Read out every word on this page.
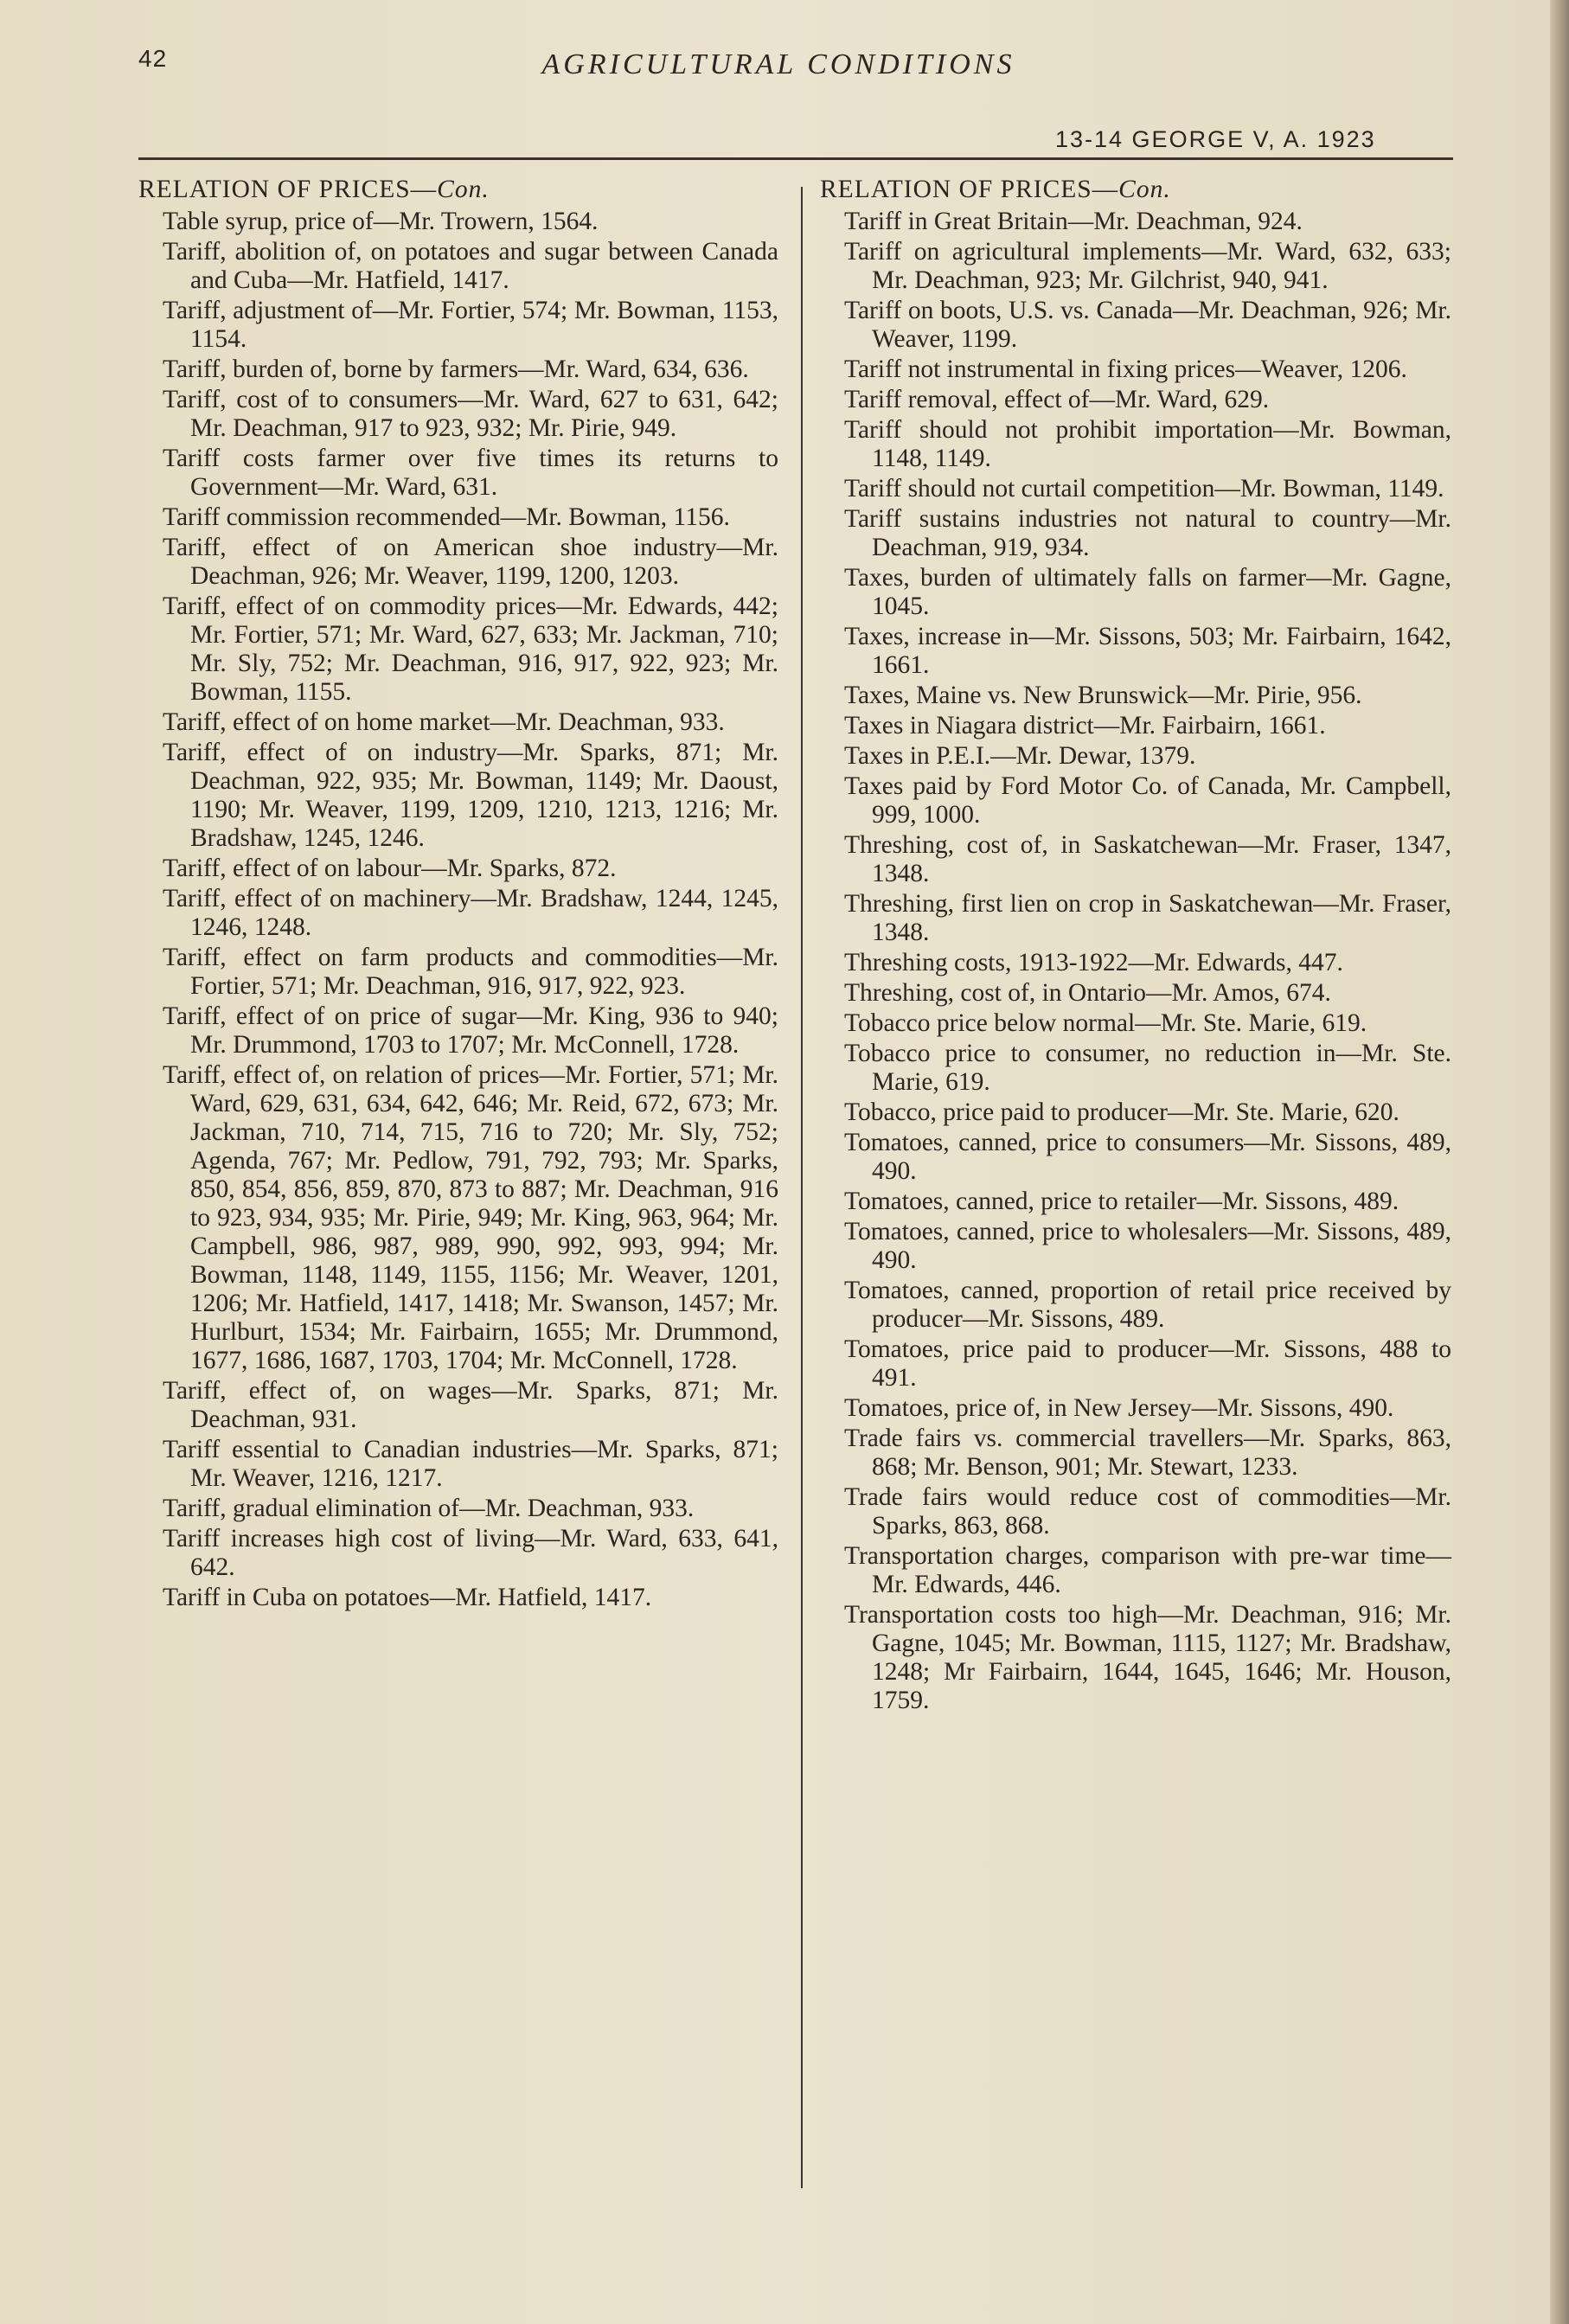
42	AGRICULTURAL CONDITIONS
13-14 GEORGE V, A. 1923
RELATION OF PRICES—Con.

Table syrup, price of—Mr. Trowern, 1564.

Tariff, abolition of, on potatoes and sugar between Canada and Cuba—Mr. Hatfield, 1417.

Tariff, adjustment of—Mr. Fortier, 574; Mr. Bowman, 1153, 1154.

Tariff, burden of, borne by farmers—Mr. Ward, 634, 636.

Tariff, cost of to consumers—Mr. Ward, 627 to 631, 642; Mr. Deachman, 917 to 923, 932; Mr. Pirie, 949.

Tariff costs farmer over five times its returns to Government—Mr. Ward, 631.

Tariff commission recommended—Mr. Bowman, 1156.

Tariff, effect of on American shoe industry—Mr. Deachman, 926; Mr. Weaver, 1199, 1200, 1203.

Tariff, effect of on commodity prices—Mr. Edwards, 442; Mr. Fortier, 571; Mr. Ward, 627, 633; Mr. Jackman, 710; Mr. Sly, 752; Mr. Deachman, 916, 917, 922, 923; Mr. Bowman, 1155.

Tariff, effect of on home market—Mr. Deachman, 933.

Tariff, effect of on industry—Mr. Sparks, 871; Mr. Deachman, 922, 935; Mr. Bowman, 1149; Mr. Daoust, 1190; Mr. Weaver, 1199, 1209, 1210, 1213, 1216; Mr. Bradshaw, 1245, 1246.

Tariff, effect of on labour—Mr. Sparks, 872.

Tariff, effect of on machinery—Mr. Bradshaw, 1244, 1245, 1246, 1248.

Tariff, effect on farm products and commodities—Mr. Fortier, 571; Mr. Deachman, 916, 917, 922, 923.

Tariff, effect of on price of sugar—Mr. King, 936 to 940; Mr. Drummond, 1703 to 1707; Mr. McConnell, 1728.

Tariff, effect of, on relation of prices—Mr. Fortier, 571; Mr. Ward, 629, 631, 634, 642, 646; Mr. Reid, 672, 673; Mr. Jackman, 710, 714, 715, 716 to 720; Mr. Sly, 752; Agenda, 767; Mr. Pedlow, 791, 792, 793; Mr. Sparks, 850, 854, 856, 859, 870, 873 to 887; Mr. Deachman, 916 to 923, 934, 935; Mr. Pirie, 949; Mr. King, 963, 964; Mr. Campbell, 986, 987, 989, 990, 992, 993, 994; Mr. Bowman, 1148, 1149, 1155, 1156; Mr. Weaver, 1201, 1206; Mr. Hatfield, 1417, 1418; Mr. Swanson, 1457; Mr. Hurlburt, 1534; Mr. Fairbairn, 1655; Mr. Drummond, 1677, 1686, 1687, 1703, 1704; Mr. McConnell, 1728.

Tariff, effect of, on wages—Mr. Sparks, 871; Mr. Deachman, 931.

Tariff essential to Canadian industries—Mr. Sparks, 871; Mr. Weaver, 1216, 1217.

Tariff, gradual elimination of—Mr. Deachman, 933.

Tariff increases high cost of living—Mr. Ward, 633, 641, 642.

Tariff in Cuba on potatoes—Mr. Hatfield, 1417.

RELATION OF PRICES—Con.

Tariff in Great Britain—Mr. Deachman, 924.

Tariff on agricultural implements—Mr. Ward, 632, 633; Mr. Deachman, 923; Mr. Gilchrist, 940, 941.

Tariff on boots, U.S. vs. Canada—Mr. Deachman, 926; Mr. Weaver, 1199.

Tariff not instrumental in fixing prices—Weaver, 1206.

Tariff removal, effect of—Mr. Ward, 629.

Tariff should not prohibit importation—Mr. Bowman, 1148, 1149.

Tariff should not curtail competition—Mr. Bowman, 1149.

Tariff sustains industries not natural to country—Mr. Deachman, 919, 934.

Taxes, burden of ultimately falls on farmer—Mr. Gagne, 1045.

Taxes, increase in—Mr. Sissons, 503; Mr. Fairbairn, 1642, 1661.

Taxes, Maine vs. New Brunswick—Mr. Pirie, 956.

Taxes in Niagara district—Mr. Fairbairn, 1661.

Taxes in P.E.I.—Mr. Dewar, 1379.

Taxes paid by Ford Motor Co. of Canada, Mr. Campbell, 999, 1000.

Threshing, cost of, in Saskatchewan—Mr. Fraser, 1347, 1348.

Threshing, first lien on crop in Saskatchewan—Mr. Fraser, 1348.

Threshing costs, 1913-1922—Mr. Edwards, 447.

Threshing, cost of, in Ontario—Mr. Amos, 674.

Tobacco price below normal—Mr. Ste. Marie, 619.

Tobacco price to consumer, no reduction in—Mr. Ste. Marie, 619.

Tobacco, price paid to producer—Mr. Ste. Marie, 620.

Tomatoes, canned, price to consumers—Mr. Sissons, 489, 490.

Tomatoes, canned, price to retailer—Mr. Sissons, 489.

Tomatoes, canned, price to wholesalers—Mr. Sissons, 489, 490.

Tomatoes, canned, proportion of retail price received by producer—Mr. Sissons, 489.

Tomatoes, price paid to producer—Mr. Sissons, 488 to 491.

Tomatoes, price of, in New Jersey—Mr. Sissons, 490.

Trade fairs vs. commercial travellers—Mr. Sparks, 863, 868; Mr. Benson, 901; Mr. Stewart, 1233.

Trade fairs would reduce cost of commodities—Mr. Sparks, 863, 868.

Transportation charges, comparison with pre-war time—Mr. Edwards, 446.

Transportation costs too high—Mr. Deachman, 916; Mr. Gagne, 1045; Mr. Bowman, 1115, 1127; Mr. Bradshaw, 1248; Mr Fairbairn, 1644, 1645, 1646; Mr. Houson, 1759.
